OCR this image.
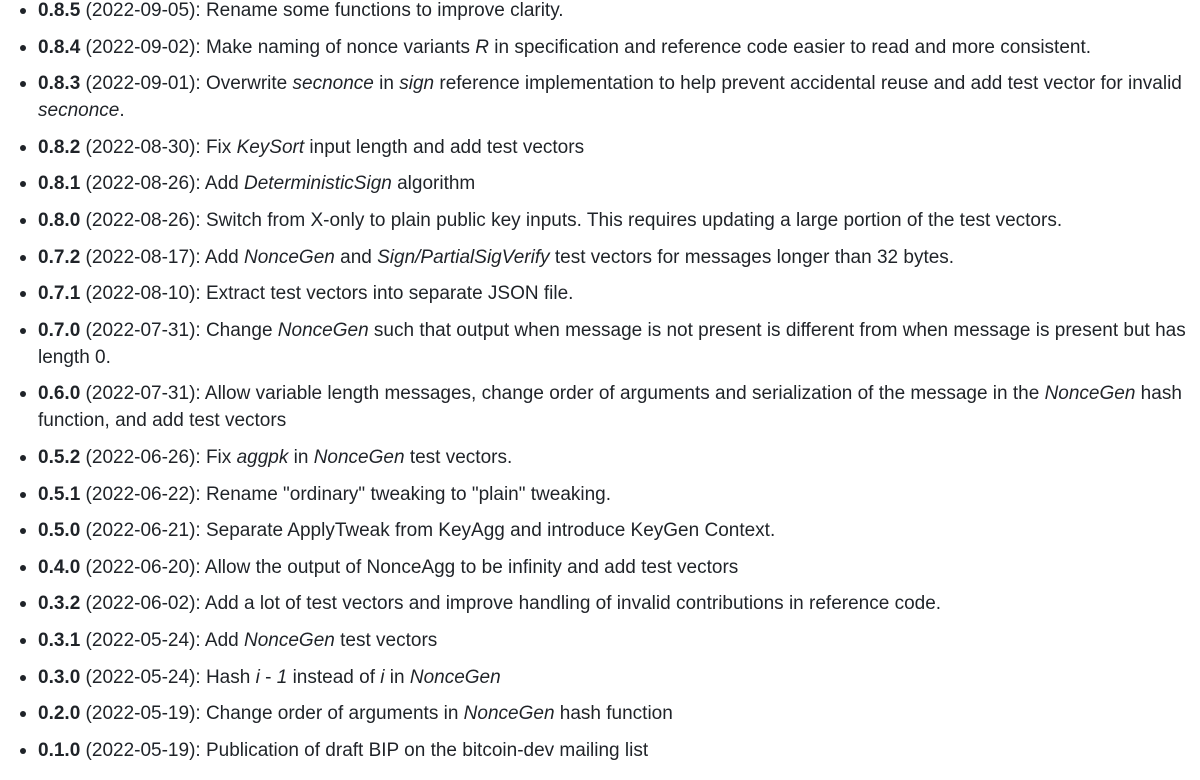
0.8.5 (2022-09-05): Rename some functions to improve clarity.
0.8.4 (2022-09-02): Make naming of nonce variants R in specification and reference code easier to read and more consistent.
0.8.3 (2022-09-01): Overwrite secnonce in sign reference implementation to help prevent accidental reuse and add test vector for invalid secnonce.
0.8.2 (2022-08-30): Fix KeySort input length and add test vectors
0.8.1 (2022-08-26): Add DeterministicSign algorithm
0.8.0 (2022-08-26): Switch from X-only to plain public key inputs. This requires updating a large portion of the test vectors.
0.7.2 (2022-08-17): Add NonceGen and Sign/PartialSigVerify test vectors for messages longer than 32 bytes.
0.7.1 (2022-08-10): Extract test vectors into separate JSON file.
0.7.0 (2022-07-31): Change NonceGen such that output when message is not present is different from when message is present but has length 0.
0.6.0 (2022-07-31): Allow variable length messages, change order of arguments and serialization of the message in the NonceGen hash function, and add test vectors
0.5.2 (2022-06-26): Fix aggpk in NonceGen test vectors.
0.5.1 (2022-06-22): Rename "ordinary" tweaking to "plain" tweaking.
0.5.0 (2022-06-21): Separate ApplyTweak from KeyAgg and introduce KeyGen Context.
0.4.0 (2022-06-20): Allow the output of NonceAgg to be infinity and add test vectors
0.3.2 (2022-06-02): Add a lot of test vectors and improve handling of invalid contributions in reference code.
0.3.1 (2022-05-24): Add NonceGen test vectors
0.3.0 (2022-05-24): Hash i - 1 instead of i in NonceGen
0.2.0 (2022-05-19): Change order of arguments in NonceGen hash function
0.1.0 (2022-05-19): Publication of draft BIP on the bitcoin-dev mailing list
